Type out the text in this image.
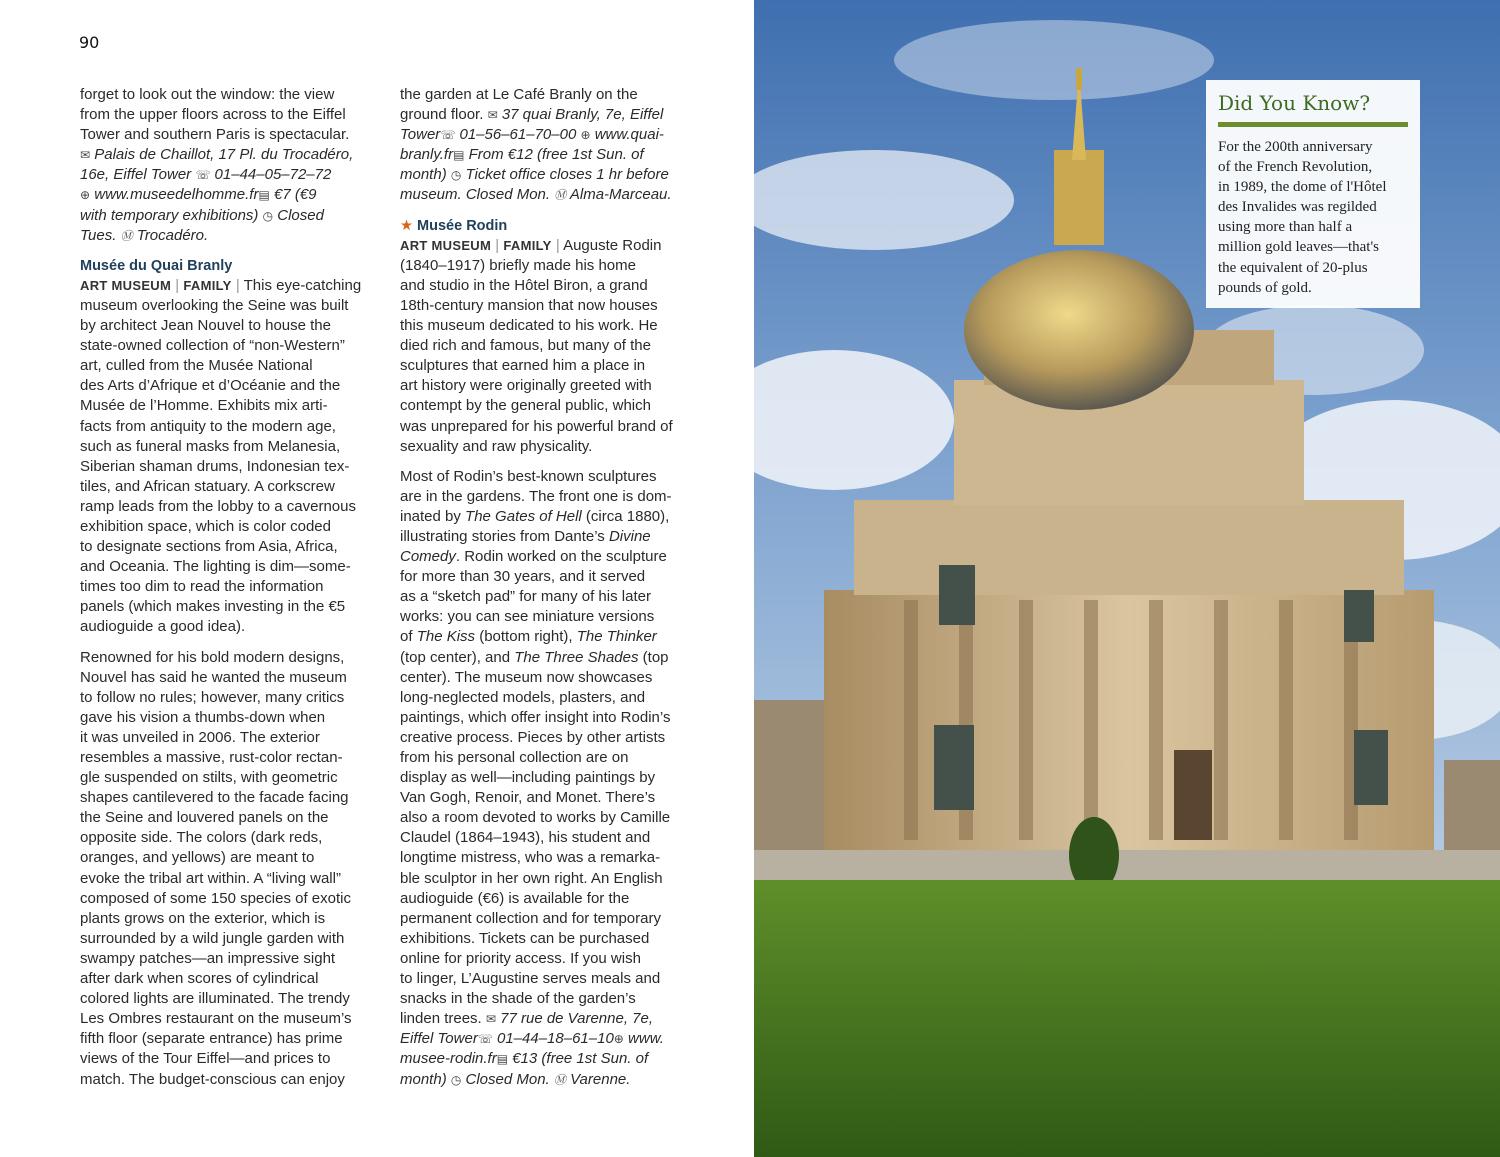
90
forget to look out the window: the view
from the upper floors across to the Eiffel
Tower and southern Paris is spectacular.
✉ Palais de Chaillot, 17 Pl. du Trocadéro,
16e, Eiffel Tower ☏ 01–44–05–72–72
⊕ www.museedelhomme.fr▤ €7 (€9
with temporary exhibitions) ◷ Closed
Tues. Ⓜ Trocadéro.
Musée du Quai Branly
ART MUSEUM | FAMILY | This eye-catching
museum overlooking the Seine was built
by architect Jean Nouvel to house the
state-owned collection of “non-Western”
art, culled from the Musée National
des Arts d’Afrique et d’Océanie and the
Musée de l’Homme. Exhibits mix arti-
facts from antiquity to the modern age,
such as funeral masks from Melanesia,
Siberian shaman drums, Indonesian tex-
tiles, and African statuary. A corkscrew
ramp leads from the lobby to a cavernous
exhibition space, which is color coded
to designate sections from Asia, Africa,
and Oceania. The lighting is dim—some-
times too dim to read the information
panels (which makes investing in the €5
audioguide a good idea).
Renowned for his bold modern designs,
Nouvel has said he wanted the museum
to follow no rules; however, many critics
gave his vision a thumbs-down when
it was unveiled in 2006. The exterior
resembles a massive, rust-color rectan-
gle suspended on stilts, with geometric
shapes cantilevered to the facade facing
the Seine and louvered panels on the
opposite side. The colors (dark reds,
oranges, and yellows) are meant to
evoke the tribal art within. A “living wall”
composed of some 150 species of exotic
plants grows on the exterior, which is
surrounded by a wild jungle garden with
swampy patches—an impressive sight
after dark when scores of cylindrical
colored lights are illuminated. The trendy
Les Ombres restaurant on the museum’s
fifth floor (separate entrance) has prime
views of the Tour Eiffel—and prices to
match. The budget-conscious can enjoy
the garden at Le Café Branly on the
ground floor. ✉ 37 quai Branly, 7e, Eiffel
Tower☏ 01–56–61–70–00 ⊕ www.quai-
branly.fr▤ From €12 (free 1st Sun. of
month) ◷ Ticket office closes 1 hr before
museum. Closed Mon. Ⓜ Alma-Marceau.
★ Musée Rodin
ART MUSEUM | FAMILY | Auguste Rodin
(1840–1917) briefly made his home
and studio in the Hôtel Biron, a grand
18th-century mansion that now houses
this museum dedicated to his work. He
died rich and famous, but many of the
sculptures that earned him a place in
art history were originally greeted with
contempt by the general public, which
was unprepared for his powerful brand of
sexuality and raw physicality.
Most of Rodin’s best-known sculptures
are in the gardens. The front one is dom-
inated by The Gates of Hell (circa 1880),
illustrating stories from Dante’s Divine
Comedy. Rodin worked on the sculpture
for more than 30 years, and it served
as a “sketch pad” for many of his later
works: you can see miniature versions
of The Kiss (bottom right), The Thinker
(top center), and The Three Shades (top
center). The museum now showcases
long-neglected models, plasters, and
paintings, which offer insight into Rodin’s
creative process. Pieces by other artists
from his personal collection are on
display as well—including paintings by
Van Gogh, Renoir, and Monet. There’s
also a room devoted to works by Camille
Claudel (1864–1943), his student and
longtime mistress, who was a remarka-
ble sculptor in her own right. An English
audioguide (€6) is available for the
permanent collection and for temporary
exhibitions. Tickets can be purchased
online for priority access. If you wish
to linger, L’Augustine serves meals and
snacks in the shade of the garden’s
linden trees. ✉ 77 rue de Varenne, 7e,
Eiffel Tower☏ 01–44–18–61–10⊕ www.
musee-rodin.fr▤ €13 (free 1st Sun. of
month) ◷ Closed Mon. Ⓜ Varenne.
Did You Know?
For the 200th anniversary
of the French Revolution,
in 1989, the dome of l'Hôtel
des Invalides was regilded
using more than half a
million gold leaves—that's
the equivalent of 20-plus
pounds of gold.
